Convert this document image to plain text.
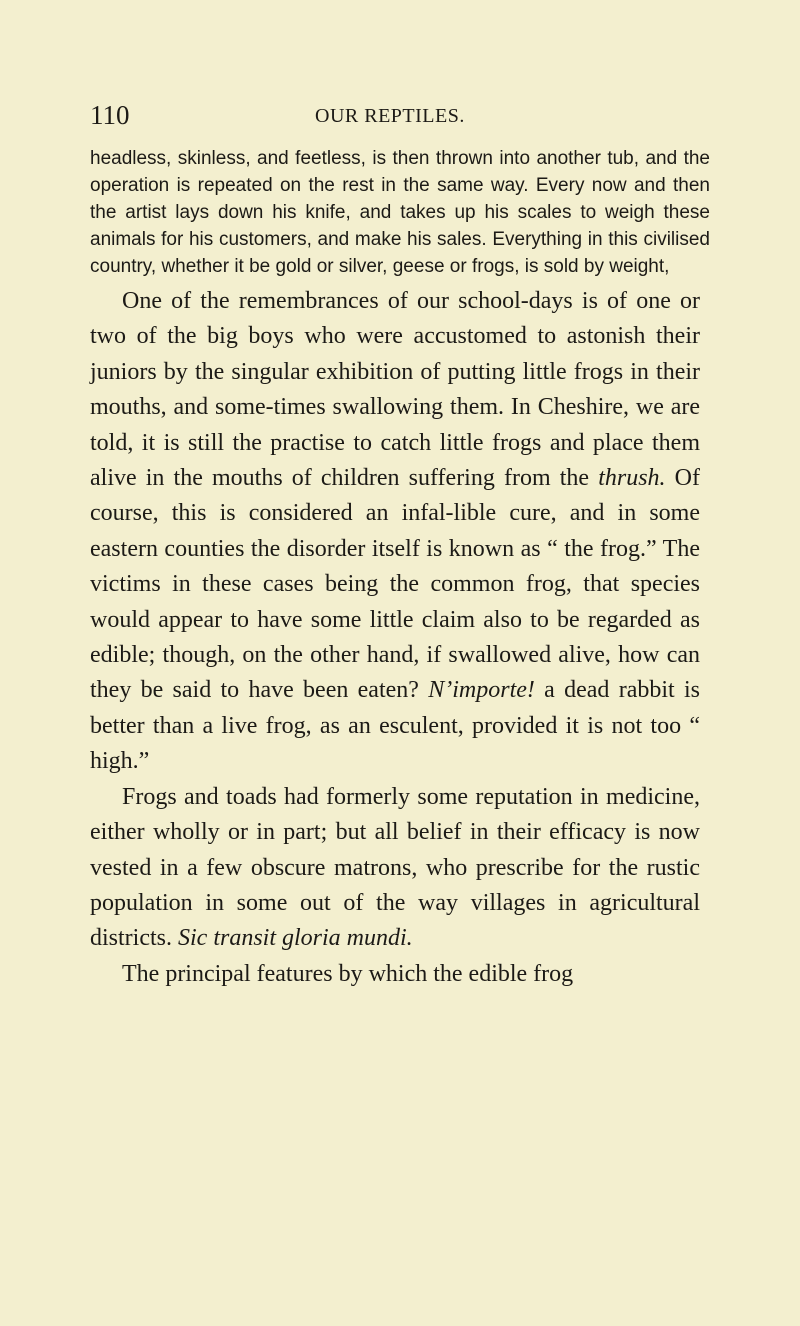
110	OUR REPTILES.

headless, skinless, and feetless, is then thrown into another tub, and the operation is repeated on the rest in the same way. Every now and then the artist lays down his knife, and takes up his scales to weigh these animals for his customers, and make his sales. Everything in this civilised country, whether it be gold or silver, geese or frogs, is sold by weight,

One of the remembrances of our school-days is of one or two of the big boys who were accustomed to astonish their juniors by the singular exhibition of putting little frogs in their mouths, and some-times swallowing them. In Cheshire, we are told, it is still the practise to catch little frogs and place them alive in the mouths of children suffering from the thrush. Of course, this is considered an infal-lible cure, and in some eastern counties the disorder itself is known as “ the frog.” The victims in these cases being the common frog, that species would appear to have some little claim also to be regarded as edible; though, on the other hand, if swallowed alive, how can they be said to have been eaten? N’importe! a dead rabbit is better than a live frog, as an esculent, provided it is not too “ high.”

Frogs and toads had formerly some reputation in medicine, either wholly or in part; but all belief in their efficacy is now vested in a few obscure matrons, who prescribe for the rustic population in some out of the way villages in agricultural districts. Sic transit gloria mundi.

The principal features by which the edible frog
